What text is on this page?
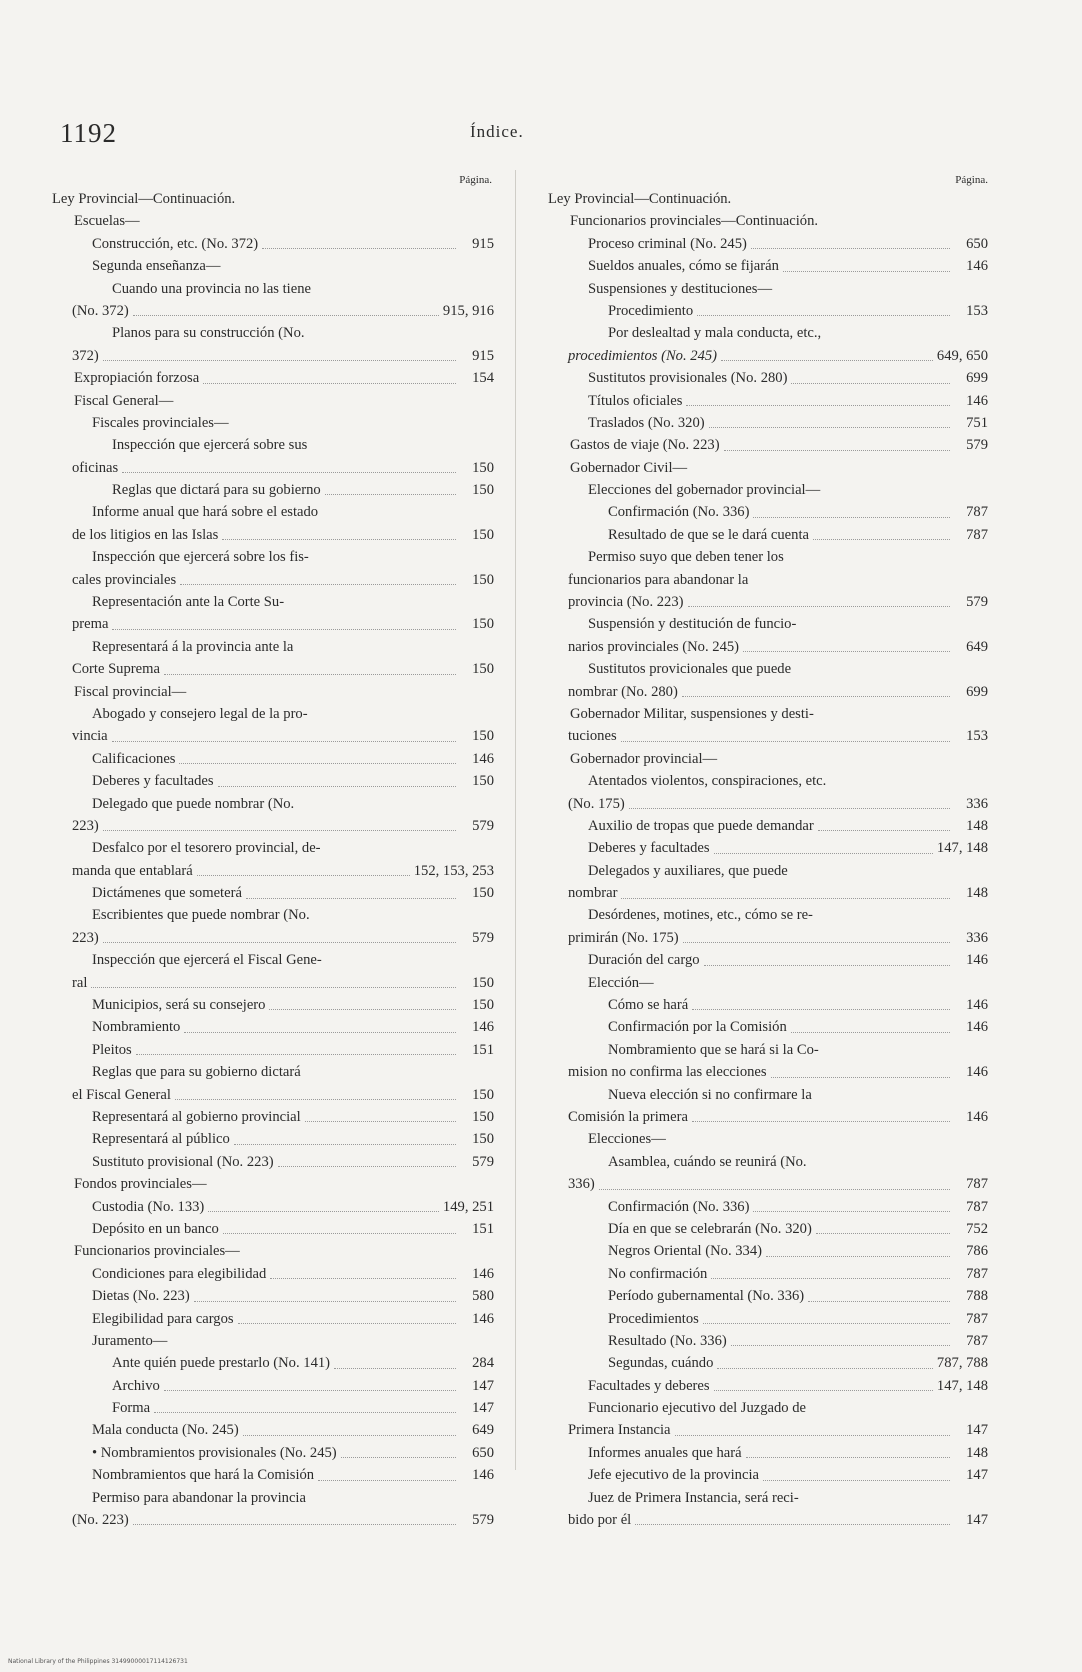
1192	Índice.
Página.
Ley Provincial—Continuación.
Escuelas—
Construcción, etc. (No. 372)	915
Segunda enseñanza—
Cuando una provincia no las tiene
(No. 372)	915, 916
Planos para su construcción (No.
372)	915
Expropiación forzosa	154
Fiscal General—
Fiscales provinciales—
Inspección que ejercerá sobre sus
oficinas	150
Reglas que dictará para su gobierno	150
Informe anual que hará sobre el estado
de los litigios en las Islas	150
Inspección que ejercerá sobre los fis-
cales provinciales	150
Representación ante la Corte Su-
prema	150
Representará á la provincia ante la
Corte Suprema	150
Fiscal provincial—
Abogado y consejero legal de la pro-
vincia	150
Calificaciones	146
Deberes y facultades	150
Delegado que puede nombrar (No.
223)	579
Desfalco por el tesorero provincial, de-
manda que entablará	152, 153, 253
Dictámenes que someterá	150
Escribientes que puede nombrar (No.
223)	579
Inspección que ejercerá el Fiscal Gene-
ral	150
Municipios, será su consejero	150
Nombramiento	146
Pleitos	151
Reglas que para su gobierno dictará
el Fiscal General	150
Representará al gobierno provincial	150
Representará al público	150
Sustituto provisional (No. 223)	579
Fondos provinciales—
Custodia (No. 133)	149, 251
Depósito en un banco	151
Funcionarios provinciales—
Condiciones para elegibilidad	146
Dietas (No. 223)	580
Elegibilidad para cargos	146
Juramento—
Ante quién puede prestarlo (No. 141)	284
Archivo	147
Forma	147
Mala conducta (No. 245)	649
• Nombramientos provisionales (No. 245)	650
Nombramientos que hará la Comisión	146
Permiso para abandonar la provincia
(No. 223)	579
Página.
Ley Provincial—Continuación.
Funcionarios provinciales—Continuación.
Proceso criminal (No. 245)	650
Sueldos anuales, cómo se fijarán	146
Suspensiones y destituciones—
Procedimiento	153
Por deslealtad y mala conducta, etc.,
procedimientos (No. 245)	649, 650
Sustitutos provisionales (No. 280)	699
Títulos oficiales	146
Traslados (No. 320)	751
Gastos de viaje (No. 223)	579
Gobernador Civil—
Elecciones del gobernador provincial—
Confirmación (No. 336)	787
Resultado de que se le dará cuenta	787
Permiso suyo que deben tener los
funcionarios para abandonar la
provincia (No. 223)	579
Suspensión y destitución de funcio-
narios provinciales (No. 245)	649
Sustitutos provicionales que puede
nombrar (No. 280)	699
Gobernador Militar, suspensiones y desti-
tuciones	153
Gobernador provincial—
Atentados violentos, conspiraciones, etc.
(No. 175)	336
Auxilio de tropas que puede demandar	148
Deberes y facultades	147, 148
Delegados y auxiliares, que puede
nombrar	148
Desórdenes, motines, etc., cómo se re-
primirán (No. 175)	336
Duración del cargo	146
Elección—
Cómo se hará	146
Confirmación por la Comisión	146
Nombramiento que se hará si la Co-
mision no confirma las elecciones	146
Nueva elección si no confirmare la
Comisión la primera	146
Elecciones—
Asamblea, cuándo se reunirá (No.
336)	787
Confirmación (No. 336)	787
Día en que se celebrarán (No. 320)	752
Negros Oriental (No. 334)	786
No confirmación	787
Período gubernamental (No. 336)	788
Procedimientos	787
Resultado (No. 336)	787
Segundas, cuándo	787, 788
Facultades y deberes	147, 148
Funcionario ejecutivo del Juzgado de
Primera Instancia	147
Informes anuales que hará	148
Jefe ejecutivo de la provincia	147
Juez de Primera Instancia, será reci-
bido por él	147
National Library of the Philippines 31499000017114126731
